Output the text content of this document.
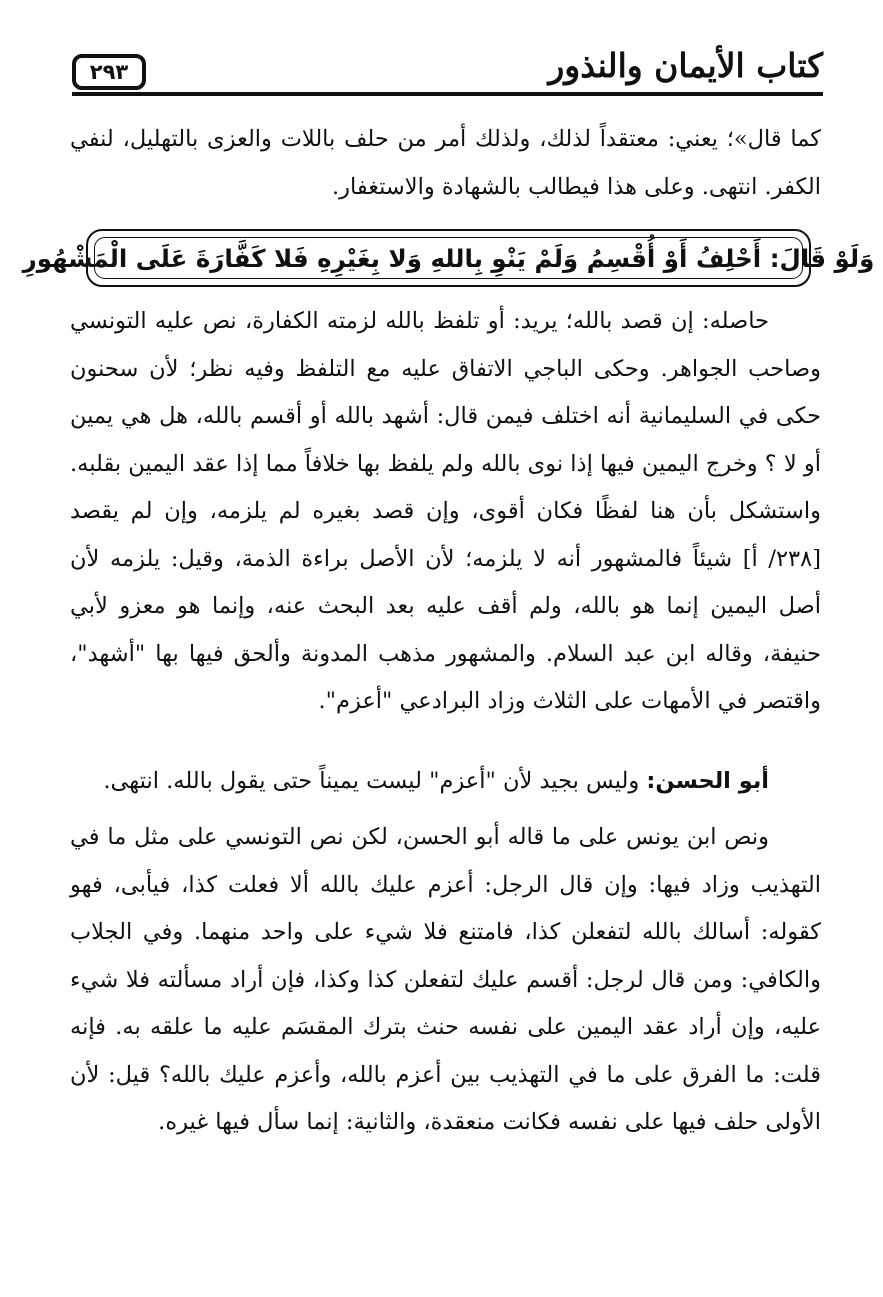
كتاب الأيمان والنذور
٢٩٣

كما قال»؛ يعني: معتقداً لذلك، ولذلك أمر من حلف باللات والعزى بالتهليل، لنفي الكفر. انتهى. وعلى هذا فيطالب بالشهادة والاستغفار.

وَلَوْ قَالَ: أَحْلِفُ أَوْ أُقْسِمُ وَلَمْ يَنْوِ بِاللهِ وَلا بِغَيْرِهِ فَلا كَفَّارَةَ عَلَى الْمَشْهُورِ

حاصله: إن قصد بالله؛ يريد: أو تلفظ بالله لزمته الكفارة، نص عليه التونسي وصاحب الجواهر. وحكى الباجي الاتفاق عليه مع التلفظ وفيه نظر؛ لأن سحنون حكى في السليمانية أنه اختلف فيمن قال: أشهد بالله أو أقسم بالله، هل هي يمين أو لا ؟ وخرج اليمين فيها إذا نوى بالله ولم يلفظ بها خلافاً مما إذا عقد اليمين بقلبه. واستشكل بأن هنا لفظًا فكان أقوى، وإن قصد بغيره لم يلزمه، وإن لم يقصد [٢٣٨/ أ] شيئاً فالمشهور أنه لا يلزمه؛ لأن الأصل براءة الذمة، وقيل: يلزمه لأن أصل اليمين إنما هو بالله، ولم أقف عليه بعد البحث عنه، وإنما هو معزو لأبي حنيفة، وقاله ابن عبد السلام. والمشهور مذهب المدونة وألحق فيها بها "أشهد"، واقتصر في الأمهات على الثلاث وزاد البرادعي "أعزم".

أبو الحسن: وليس بجيد لأن "أعزم" ليست يميناً حتى يقول بالله. انتهى.

ونص ابن يونس على ما قاله أبو الحسن، لكن نص التونسي على مثل ما في التهذيب وزاد فيها: وإن قال الرجل: أعزم عليك بالله ألا فعلت كذا، فيأبى، فهو كقوله: أسالك بالله لتفعلن كذا، فامتنع فلا شيء على واحد منهما. وفي الجلاب والكافي: ومن قال لرجل: أقسم عليك لتفعلن كذا وكذا، فإن أراد مسألته فلا شيء عليه، وإن أراد عقد اليمين على نفسه حنث بترك المقسَم عليه ما علقه به. فإنه قلت: ما الفرق على ما في التهذيب بين أعزم بالله، وأعزم عليك بالله؟ قيل: لأن الأولى حلف فيها على نفسه فكانت منعقدة، والثانية: إنما سأل فيها غيره.
